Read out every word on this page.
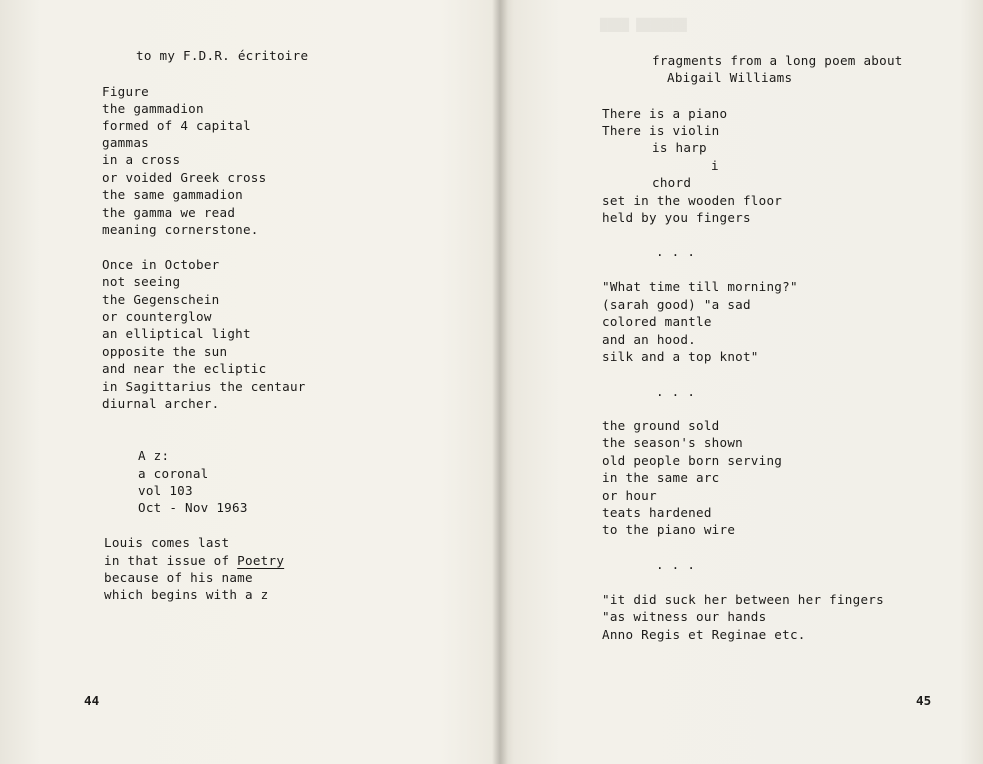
to my F.D.R. écritoire
Figure
the gammadion
formed of 4 capital
gammas
in a cross
or voided Greek cross
the same gammadion
the gamma we read
meaning cornerstone.
Once in October
not seeing
the Gegenschein
or counterglow
an elliptical light
opposite the sun
and near the ecliptic
in Sagittarius the centaur
diurnal archer.
A z:
a coronal
vol 103
Oct - Nov 1963
Louis comes last
in that issue of Poetry
because of his name
which begins with a z
44
████ ███████
fragments from a long poem about
Abigail Williams
There is a piano
There is violin
is harp
i
chord
set in the wooden floor
held by you fingers
. . .
"What time till morning?"
(sarah good) "a sad
colored mantle
and an hood.
silk and a top knot"
. . .
the ground sold
the season's shown
old people born serving
in the same arc
or hour
teats hardened
to the piano wire
. . .
"it did suck her between her fingers
"as witness our hands
Anno Regis et Reginae etc.
45
